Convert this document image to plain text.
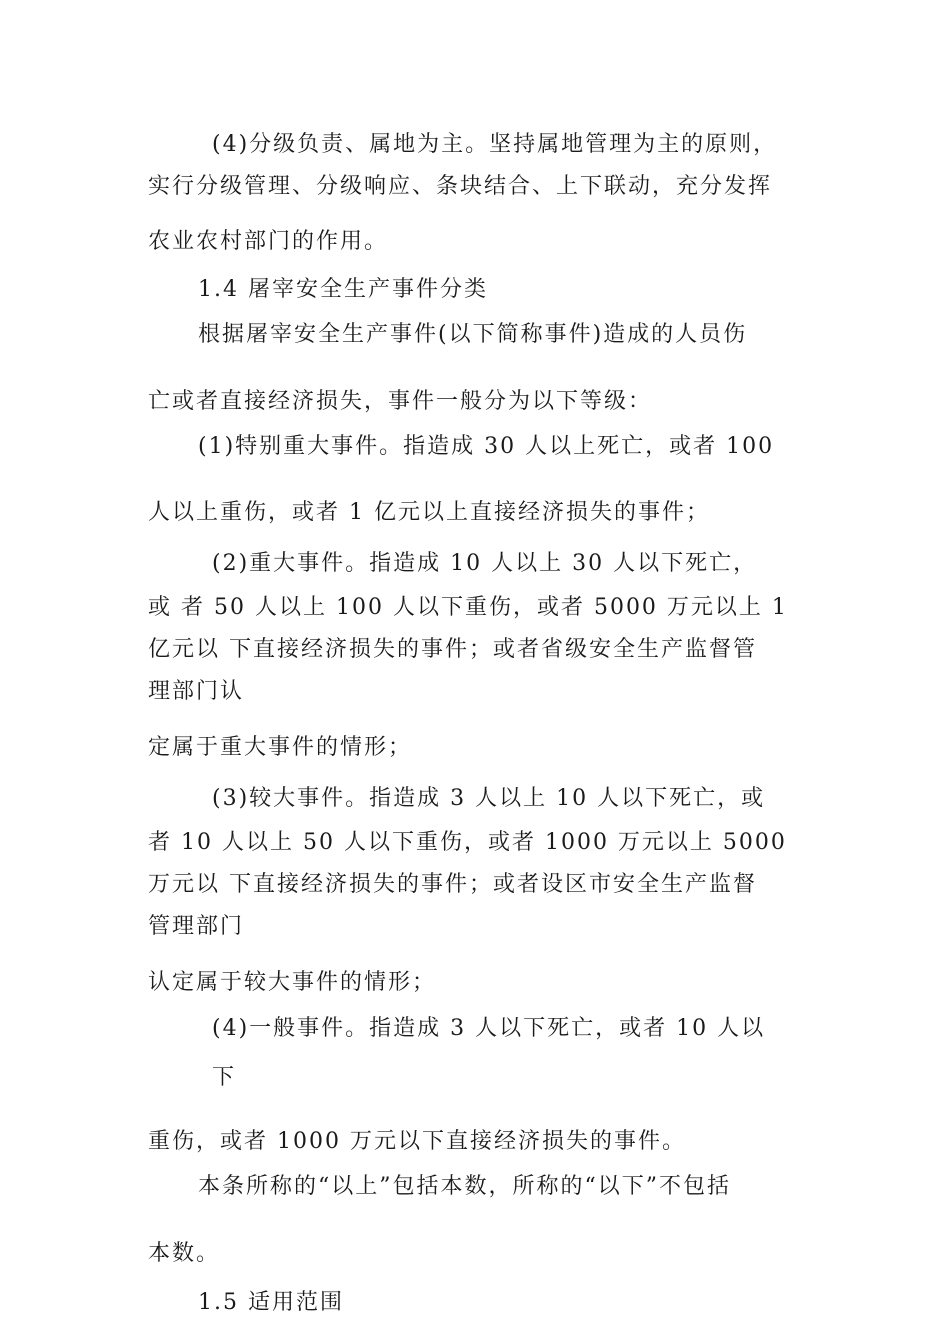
(4)分级负责、属地为主。坚持属地管理为主的原则，
实行分级管理、分级响应、条块结合、上下联动，充分发挥
农业农村部门的作用。
1.4 屠宰安全生产事件分类
根据屠宰安全生产事件(以下简称事件)造成的人员伤
亡或者直接经济损失，事件一般分为以下等级：
(1)特别重大事件。指造成 30 人以上死亡，或者 100
人以上重伤，或者 1 亿元以上直接经济损失的事件；
(2)重大事件。指造成 10 人以上 30 人以下死亡，
或 者 50 人以上 100 人以下重伤，或者 5000 万元以上 1
亿元以 下直接经济损失的事件；或者省级安全生产监督管
理部门认
定属于重大事件的情形；
(3)较大事件。指造成 3 人以上 10 人以下死亡，或
者 10 人以上 50 人以下重伤，或者 1000 万元以上 5000
万元以 下直接经济损失的事件；或者设区市安全生产监督
管理部门
认定属于较大事件的情形；
(4)一般事件。指造成 3 人以下死亡，或者 10 人以
下
重伤，或者 1000 万元以下直接经济损失的事件。
本条所称的“以上”包括本数，所称的“以下”不包括
本数。
1.5 适用范围
